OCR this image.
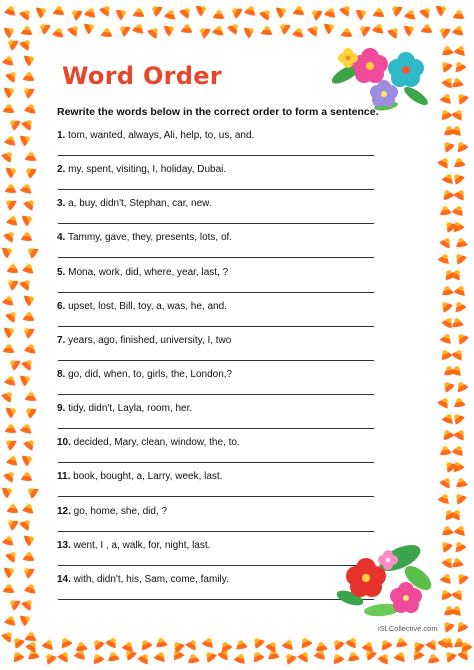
Word Order
Rewrite the words below in the correct order to form a sentence.
1. tom, wanted, always, Ali, help, to, us, and.
2. my, spent, visiting, I, holiday, Dubai.
3. a, buy, didn't, Stephan, car, new.
4. Tammy, gave, they, presents, lots, of.
5. Mona, work, did, where, year, last, ?
6. upset, lost, Bill, toy, a, was, he, and.
7. years, ago, finished, university, I, two
8. go, did, when, to, girls, the, London,?
9. tidy, didn't, Layla, room, her.
10. decided, Mary, clean, window, the, to.
11. book, bought, a, Larry, week, last.
12. go, home, she, did, ?
13. went, I , a, walk, for, night, last.
14. with, didn't, his, Sam, come, family.
iSLCollective.com
